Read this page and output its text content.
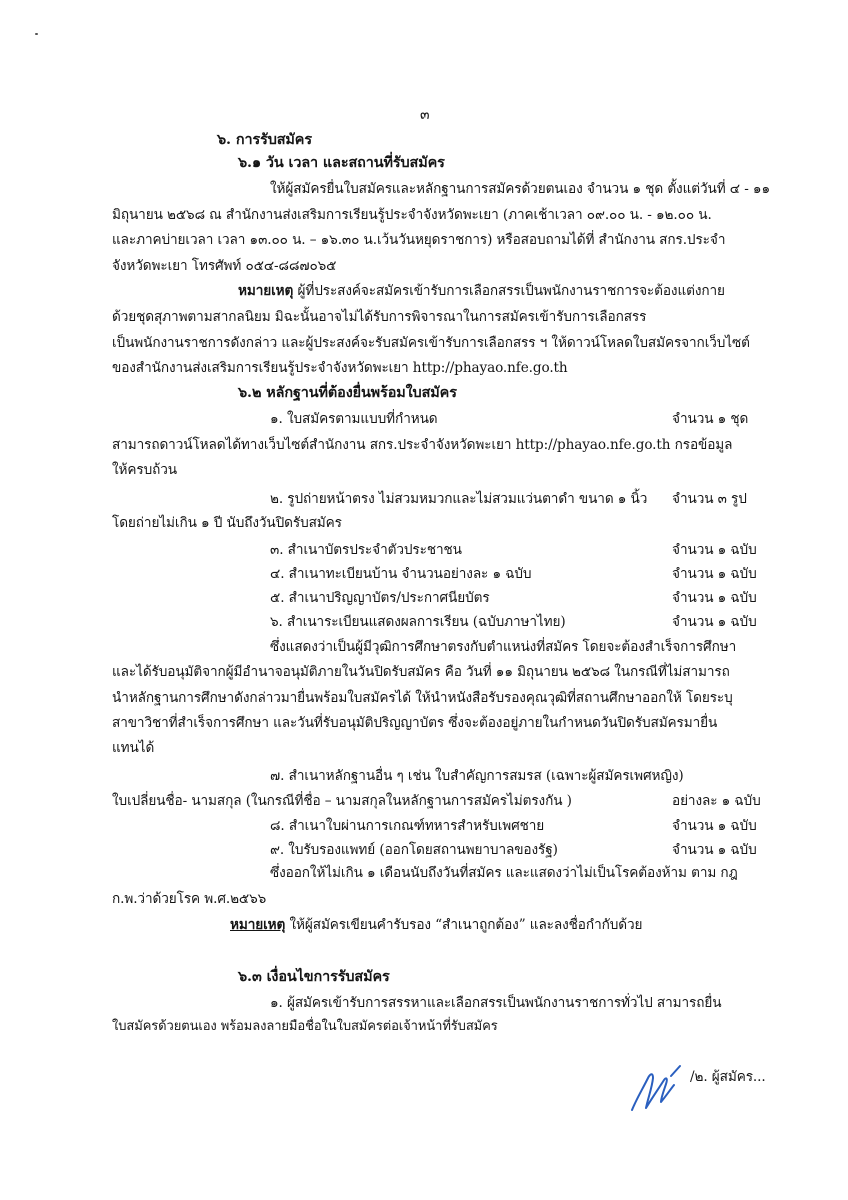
๓
๖. การรับสมัคร
๖.๑ วัน เวลา และสถานที่รับสมัคร
ให้ผู้สมัครยื่นใบสมัครและหลักฐานการสมัครด้วยตนเอง จำนวน ๑ ชุด ตั้งแต่วันที่ ๔ - ๑๑
มิถุนายน ๒๕๖๘ ณ สำนักงานส่งเสริมการเรียนรู้ประจำจังหวัดพะเยา (ภาคเช้าเวลา ๐๙.๐๐ น. - ๑๒.๐๐ น.
และภาคบ่ายเวลา เวลา ๑๓.๐๐ น. – ๑๖.๓๐ น.เว้นวันหยุดราชการ) หรือสอบถามได้ที่ สำนักงาน สกร.ประจำ
จังหวัดพะเยา โทรศัพท์ ๐๕๔-๘๘๗๐๖๕
หมายเหตุ ผู้ที่ประสงค์จะสมัครเข้ารับการเลือกสรรเป็นพนักงานราชการจะต้องแต่งกาย
ด้วยชุดสุภาพตามสากลนิยม มิฉะนั้นอาจไม่ได้รับการพิจารณาในการสมัครเข้ารับการเลือกสรร
เป็นพนักงานราชการดังกล่าว และผู้ประสงค์จะรับสมัครเข้ารับการเลือกสรร ฯ ให้ดาวน์โหลดใบสมัครจากเว็บไซต์
ของสำนักงานส่งเสริมการเรียนรู้ประจำจังหวัดพะเยา http://phayao.nfe.go.th
๖.๒ หลักฐานที่ต้องยื่นพร้อมใบสมัคร
๑. ใบสมัครตามแบบที่กำหนด	จำนวน ๑ ชุด
สามารถดาวน์โหลดได้ทางเว็บไซต์สำนักงาน สกร.ประจำจังหวัดพะเยา http://phayao.nfe.go.th กรอข้อมูล
ให้ครบถ้วน
๒. รูปถ่ายหน้าตรง ไม่สวมหมวกและไม่สวมแว่นตาดำ ขนาด ๑ นิ้ว จำนวน ๓ รูป
โดยถ่ายไม่เกิน ๑ ปี นับถึงวันปิดรับสมัคร
๓. สำเนาบัตรประจำตัวประชาชน	จำนวน ๑ ฉบับ
๔. สำเนาทะเบียนบ้าน จำนวนอย่างละ ๑ ฉบับ	จำนวน ๑ ฉบับ
๕. สำเนาปริญญาบัตร/ประกาศนียบัตร	จำนวน ๑ ฉบับ
๖. สำเนาระเบียนแสดงผลการเรียน (ฉบับภาษาไทย)	จำนวน ๑ ฉบับ
ซึ่งแสดงว่าเป็นผู้มีวุฒิการศึกษาตรงกับตำแหน่งที่สมัคร โดยจะต้องสำเร็จการศึกษา
และได้รับอนุมัติจากผู้มีอำนาจอนุมัติภายในวันปิดรับสมัคร คือ วันที่ ๑๑ มิถุนายน ๒๕๖๘ ในกรณีที่ไม่สามารถ
นำหลักฐานการศึกษาดังกล่าวมายื่นพร้อมใบสมัครได้ ให้นำหนังสือรับรองคุณวุฒิที่สถานศึกษาออกให้ โดยระบุ
สาขาวิชาที่สำเร็จการศึกษา และวันที่รับอนุมัติปริญญาบัตร ซึ่งจะต้องอยู่ภายในกำหนดวันปิดรับสมัครมายื่น
แทนได้
๗. สำเนาหลักฐานอื่น ๆ เช่น ใบสำคัญการสมรส (เฉพาะผู้สมัครเพศหญิง)
ใบเปลี่ยนชื่อ- นามสกุล (ในกรณีที่ชื่อ – นามสกุลในหลักฐานการสมัครไม่ตรงกัน )	อย่างละ ๑ ฉบับ
๘. สำเนาใบผ่านการเกณฑ์ทหารสำหรับเพศชาย	จำนวน ๑ ฉบับ
๙. ใบรับรองแพทย์ (ออกโดยสถานพยาบาลของรัฐ)	จำนวน ๑ ฉบับ
ซึ่งออกให้ไม่เกิน ๑ เดือนนับถึงวันที่สมัคร และแสดงว่าไม่เป็นโรคต้องห้าม ตาม กฎ
ก.พ.ว่าด้วยโรค พ.ศ.๒๕๖๖
หมายเหตุ ให้ผู้สมัครเขียนคำรับรอง “สำเนาถูกต้อง” และลงชื่อกำกับด้วย
๖.๓ เงื่อนไขการรับสมัคร
๑. ผู้สมัครเข้ารับการสรรหาและเลือกสรรเป็นพนักงานราชการทั่วไป สามารถยื่น
ใบสมัครด้วยตนเอง พร้อมลงลายมือชื่อในใบสมัครต่อเจ้าหน้าที่รับสมัคร
/๒. ผู้สมัคร...
